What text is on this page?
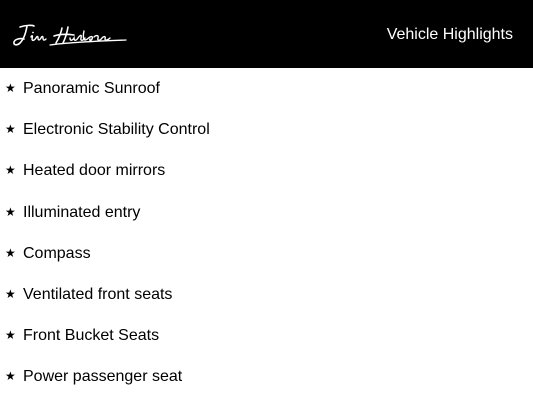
Vehicle Highlights
★ Panoramic Sunroof
★ Electronic Stability Control
★ Heated door mirrors
★ Illuminated entry
★ Compass
★ Ventilated front seats
★ Front Bucket Seats
★ Power passenger seat
